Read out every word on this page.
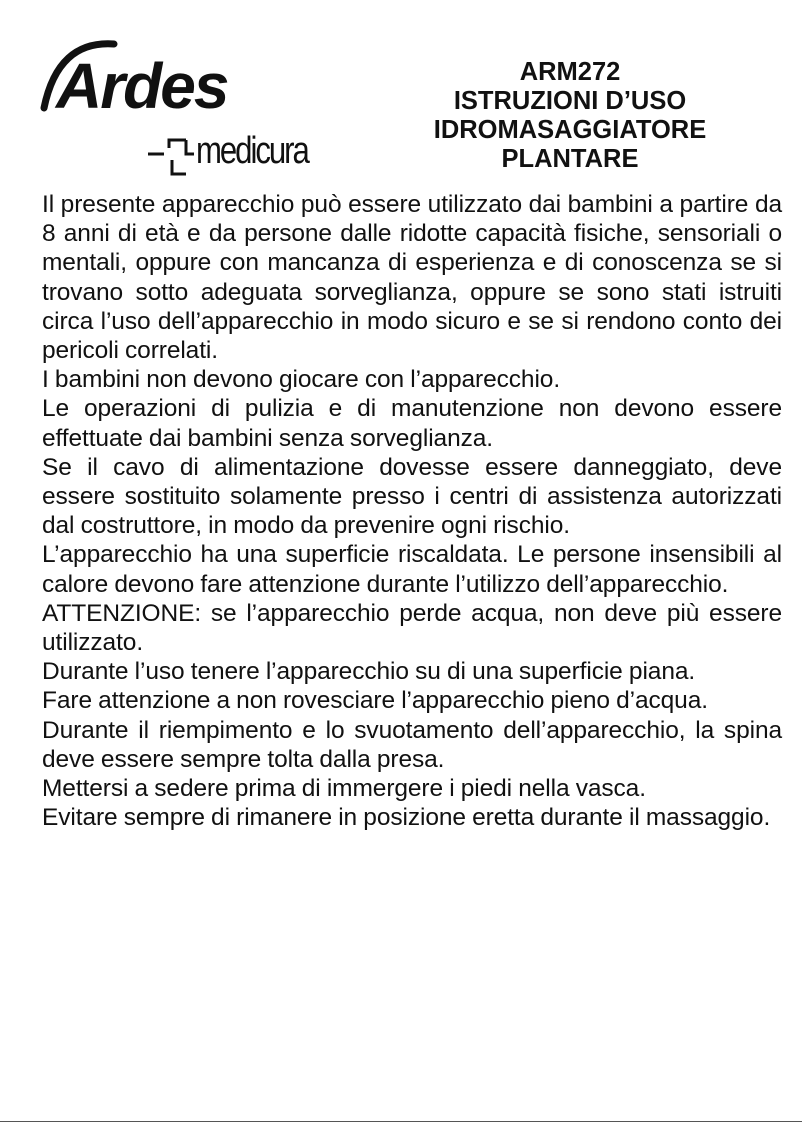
Ardes
medicura
ARM272
ISTRUZIONI D’USO
IDROMASAGGIATORE
PLANTARE

Il presente apparecchio può essere utilizzato dai bambini a partire da 8 anni di età e da persone dalle ridotte capacità fisiche, sensoriali o mentali, oppure con mancanza di esperienza e di conoscenza se si trovano sotto adeguata sorveglianza, oppure se sono stati istruiti circa l’uso dell’apparecchio in modo sicuro e se si rendono conto dei pericoli correlati.

I bambini non devono giocare con l’apparecchio.

Le operazioni di pulizia e di manutenzione non devono essere effettuate dai bambini senza sorveglianza.

Se il cavo di alimentazione dovesse essere danneggiato, deve essere sostituito solamente presso i centri di assistenza autorizzati dal costruttore, in modo da prevenire ogni rischio.

L’apparecchio ha una superficie riscaldata. Le persone insensibili al calore devono fare attenzione durante l’utilizzo dell’apparecchio.

ATTENZIONE: se l’apparecchio perde acqua, non deve più essere utilizzato.

Durante l’uso tenere l’apparecchio su di una superficie piana.

Fare attenzione a non rovesciare l’apparecchio pieno d’acqua.

Durante il riempimento e lo svuotamento dell’apparecchio, la spina deve essere sempre tolta dalla presa.

Mettersi a sedere prima di immergere i piedi nella vasca.

Evitare sempre di rimanere in posizione eretta durante il massaggio.
